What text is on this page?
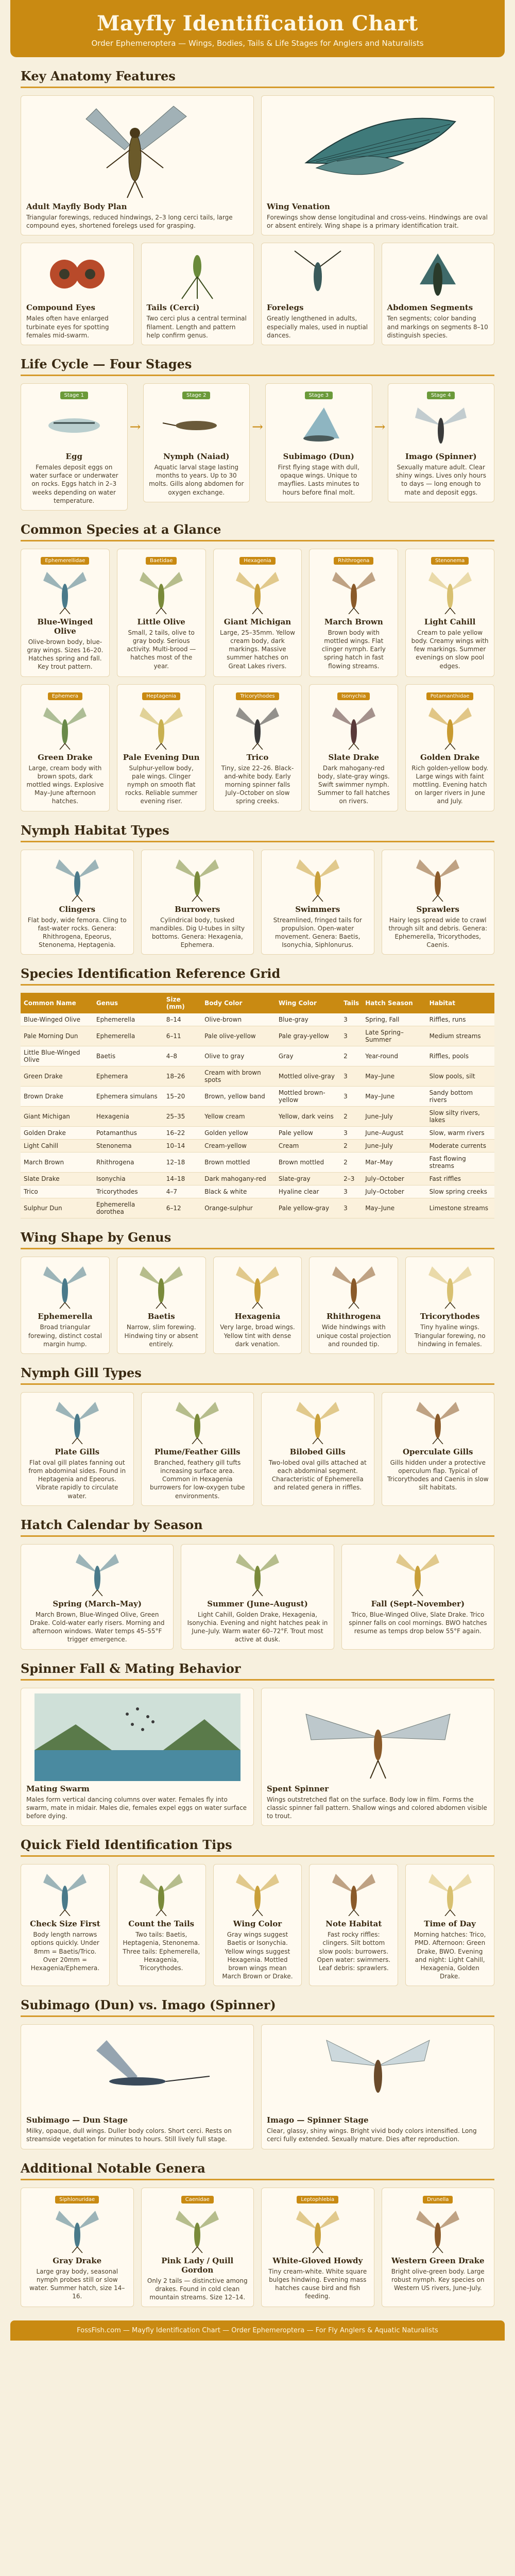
Mayfly Identification Chart

Order Ephemeroptera — Wings, Bodies, Tails & Life Stages for Anglers and Naturalists

Key Anatomy Features
Adult Mayfly Body Plan

Triangular forewings, reduced hindwings, 2–3 long cerci tails, large compound eyes, shortened forelegs used for grasping.

Wing Venation

Forewings show dense longitudinal and cross-veins. Hindwings are oval or absent entirely. Wing shape is a primary identification trait.

Compound Eyes

Males often have enlarged turbinate eyes for spotting females mid-swarm.

Tails (Cerci)

Two cerci plus a central terminal filament. Length and pattern help confirm genus.

Forelegs

Greatly lengthened in adults, especially males, used in nuptial dances.

Abdomen Segments

Ten segments; color banding and markings on segments 8–10 distinguish species.

Life Cycle — Four Stages
Stage 1
Egg

Females deposit eggs on water surface or underwater on rocks. Eggs hatch in 2–3 weeks depending on water temperature.

→
Stage 2
Nymph (Naiad)

Aquatic larval stage lasting months to years. Up to 30 molts. Gills along abdomen for oxygen exchange.

→
Stage 3
Subimago (Dun)

First flying stage with dull, opaque wings. Unique to mayflies. Lasts minutes to hours before final molt.

→
Stage 4
Imago (Spinner)

Sexually mature adult. Clear shiny wings. Lives only hours to days — long enough to mate and deposit eggs.

Common Species at a Glance
Ephemerellidae
Blue-Winged Olive

Olive-brown body, blue-gray wings. Sizes 16–20. Hatches spring and fall. Key trout pattern.

Baetidae
Little Olive

Small, 2 tails, olive to gray body. Serious activity. Multi-brood — hatches most of the year.

Hexagenia
Giant Michigan

Large, 25–35mm. Yellow cream body, dark markings. Massive summer hatches on Great Lakes rivers.

Rhithrogena
March Brown

Brown body with mottled wings. Flat clinger nymph. Early spring hatch in fast flowing streams.

Stenonema
Light Cahill

Cream to pale yellow body. Creamy wings with few markings. Summer evenings on slow pool edges.

Ephemera
Green Drake

Large, cream body with brown spots, dark mottled wings. Explosive May–June afternoon hatches.

Heptagenia
Pale Evening Dun

Sulphur-yellow body, pale wings. Clinger nymph on smooth flat rocks. Reliable summer evening riser.

Tricorythodes
Trico

Tiny, size 22–26. Black-and-white body. Early morning spinner falls July–October on slow spring creeks.

Isonychia
Slate Drake

Dark mahogany-red body, slate-gray wings. Swift swimmer nymph. Summer to fall hatches on rivers.

Potamanthidae
Golden Drake

Rich golden-yellow body. Large wings with faint mottling. Evening hatch on larger rivers in June and July.

Nymph Habitat Types
Clingers

Flat body, wide femora. Cling to fast-water rocks. Genera: Rhithrogena, Epeorus, Stenonema, Heptagenia.

Burrowers

Cylindrical body, tusked mandibles. Dig U-tubes in silty bottoms. Genera: Hexagenia, Ephemera.

Swimmers

Streamlined, fringed tails for propulsion. Open-water movement. Genera: Baetis, Isonychia, Siphlonurus.

Sprawlers

Hairy legs spread wide to crawl through silt and debris. Genera: Ephemerella, Tricorythodes, Caenis.

Species Identification Reference Grid
Common Name	Genus	Size (mm)	Body Color	Wing Color	Tails	Hatch Season	Habitat
Blue-Winged Olive	Ephemerella	8–14	Olive-brown	Blue-gray	3	Spring, Fall	Riffles, runs
Pale Morning Dun	Ephemerella	6–11	Pale olive-yellow	Pale gray-yellow	3	Late Spring–Summer	Medium streams
Little Blue-Winged Olive	Baetis	4–8	Olive to gray	Gray	2	Year-round	Riffles, pools
Green Drake	Ephemera	18–26	Cream with brown spots	Mottled olive-gray	3	May–June	Slow pools, silt
Brown Drake	Ephemera simulans	15–20	Brown, yellow band	Mottled brown-yellow	3	May–June	Sandy bottom rivers
Giant Michigan	Hexagenia	25–35	Yellow cream	Yellow, dark veins	2	June–July	Slow silty rivers, lakes
Golden Drake	Potamanthus	16–22	Golden yellow	Pale yellow	3	June–August	Slow, warm rivers
Light Cahill	Stenonema	10–14	Cream-yellow	Cream	2	June–July	Moderate currents
March Brown	Rhithrogena	12–18	Brown mottled	Brown mottled	2	Mar–May	Fast flowing streams
Slate Drake	Isonychia	14–18	Dark mahogany-red	Slate-gray	2–3	July–October	Fast riffles
Trico	Tricorythodes	4–7	Black & white	Hyaline clear	3	July–October	Slow spring creeks
Sulphur Dun	Ephemerella dorothea	6–12	Orange-sulphur	Pale yellow-gray	3	May–June	Limestone streams
Wing Shape by Genus
Ephemerella

Broad triangular forewing, distinct costal margin hump.

Baetis

Narrow, slim forewing. Hindwing tiny or absent entirely.

Hexagenia

Very large, broad wings. Yellow tint with dense dark venation.

Rhithrogena

Wide hindwings with unique costal projection and rounded tip.

Tricorythodes

Tiny hyaline wings. Triangular forewing, no hindwing in females.

Nymph Gill Types
Plate Gills

Flat oval gill plates fanning out from abdominal sides. Found in Heptagenia and Epeorus. Vibrate rapidly to circulate water.

Plume/Feather Gills

Branched, feathery gill tufts increasing surface area. Common in Hexagenia burrowers for low-oxygen tube environments.

Bilobed Gills

Two-lobed oval gills attached at each abdominal segment. Characteristic of Ephemerella and related genera in riffles.

Operculate Gills

Gills hidden under a protective operculum flap. Typical of Tricorythodes and Caenis in slow silt habitats.

Hatch Calendar by Season
Spring (March–May)

March Brown, Blue-Winged Olive, Green Drake. Cold-water early risers. Morning and afternoon windows. Water temps 45–55°F trigger emergence.

Summer (June–August)

Light Cahill, Golden Drake, Hexagenia, Isonychia. Evening and night hatches peak in June–July. Warm water 60–72°F. Trout most active at dusk.

Fall (Sept–November)

Trico, Blue-Winged Olive, Slate Drake. Trico spinner falls on cool mornings. BWO hatches resume as temps drop below 55°F again.

Spinner Fall & Mating Behavior
Mating Swarm

Males form vertical dancing columns over water. Females fly into swarm, mate in midair. Males die, females expel eggs on water surface before dying.

Spent Spinner

Wings outstretched flat on the surface. Body low in film. Forms the classic spinner fall pattern. Shallow wings and colored abdomen visible to trout.

Quick Field Identification Tips
Check Size First

Body length narrows options quickly. Under 8mm = Baetis/Trico. Over 20mm = Hexagenia/Ephemera.

Count the Tails

Two tails: Baetis, Heptagenia, Stenonema. Three tails: Ephemerella, Hexagenia, Tricorythodes.

Wing Color

Gray wings suggest Baetis or Isonychia. Yellow wings suggest Hexagenia. Mottled brown wings mean March Brown or Drake.

Note Habitat

Fast rocky riffles: clingers. Silt bottom slow pools: burrowers. Open water: swimmers. Leaf debris: sprawlers.

Time of Day

Morning hatches: Trico, PMD. Afternoon: Green Drake, BWO. Evening and night: Light Cahill, Hexagenia, Golden Drake.

Subimago (Dun) vs. Imago (Spinner)
Subimago — Dun Stage

Milky, opaque, dull wings. Duller body colors. Short cerci. Rests on streamside vegetation for minutes to hours. Still lively full stage.

Imago — Spinner Stage

Clear, glassy, shiny wings. Bright vivid body colors intensified. Long cerci fully extended. Sexually mature. Dies after reproduction.

Additional Notable Genera
Siphlonuridae
Gray Drake

Large gray body, seasonal nymph probes still or slow water. Summer hatch, size 14–16.

Caenidae
Pink Lady / Quill Gordon

Only 2 tails — distinctive among drakes. Found in cold clean mountain streams. Size 12–14.

Leptophlebia
White-Gloved Howdy

Tiny cream-white. White square bulges hindwing. Evening mass hatches cause bird and fish feeding.

Drunella
Western Green Drake

Bright olive-green body. Large robust nymph. Key species on Western US rivers, June–July.

FossFish.com — Mayfly Identification Chart — Order Ephemeroptera — For Fly Anglers & Aquatic Naturalists
